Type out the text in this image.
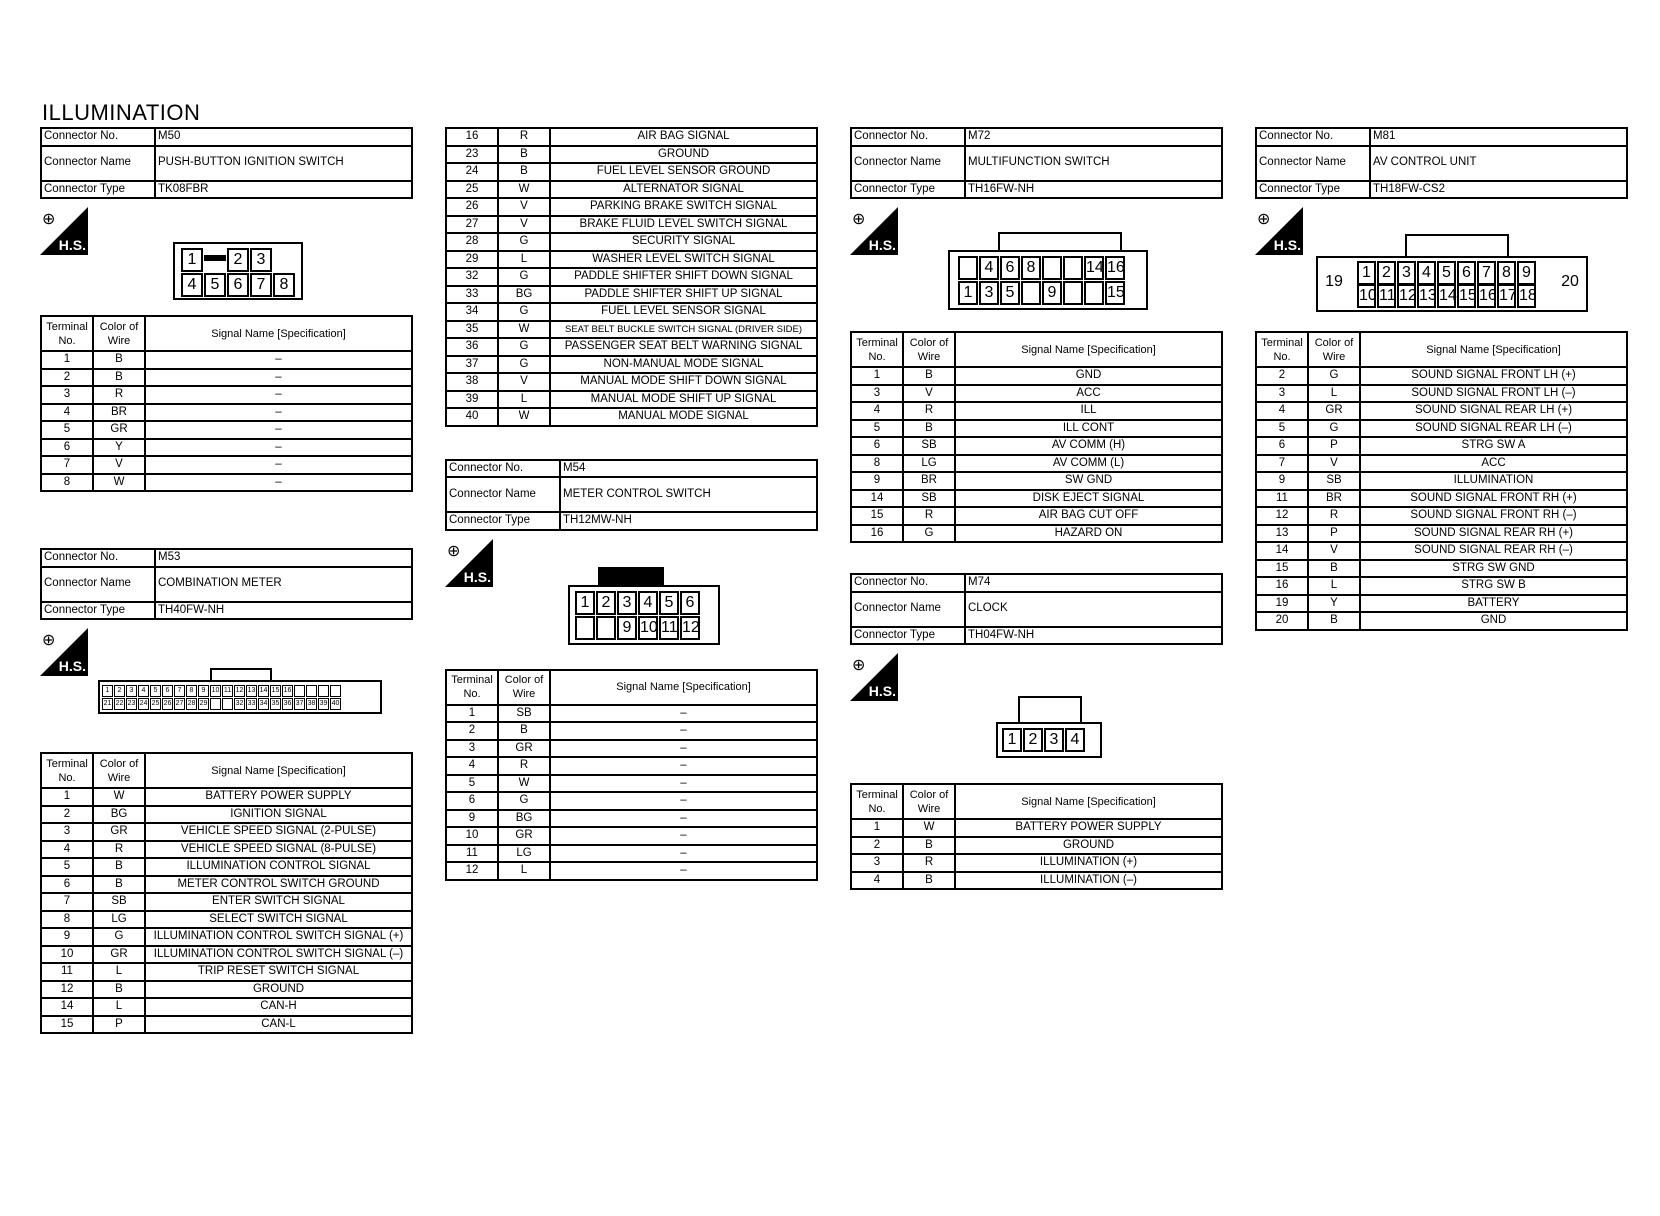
ILLUMINATION
Connector No.	M50
Connector Name	PUSH-BUTTON IGNITION SWITCH
Connector Type	TK08FBR
⊕
H.S.
Terminal No.	Color of Wire	Signal Name [Specification]
1	B	–
2	B	–
3	R	–
4	BR	–
5	GR	–
6	Y	–
7	V	–
8	W	–
1	2 3
4 5 6 7 8
Connector No.	M53
Connector Name	COMBINATION METER
Connector Type	TH40FW-NH
⊕
H.S.
Terminal No.	Color of Wire	Signal Name [Specification]
1	W	BATTERY POWER SUPPLY
2	BG	IGNITION SIGNAL
3	GR	VEHICLE SPEED SIGNAL (2-PULSE)
4	R	VEHICLE SPEED SIGNAL (8-PULSE)
5	B	ILLUMINATION CONTROL SIGNAL
6	B	METER CONTROL SWITCH GROUND
7	SB	ENTER SWITCH SIGNAL
8	LG	SELECT SWITCH SIGNAL
9	G	ILLUMINATION CONTROL SWITCH SIGNAL (+)
10	GR	ILLUMINATION CONTROL SWITCH SIGNAL (–)
11	L	TRIP RESET SWITCH SIGNAL
12	B	GROUND
14	L	CAN-H
15	P	CAN-L
1	2	3	4	5	6	7	8	9 10 11 12 13 14 15 16
21 22 23 24 25 26 27 28 29	32 33 34 35 36 37 38 39 40
16	R	AIR BAG SIGNAL
23	B	GROUND
24	B	FUEL LEVEL SENSOR GROUND
25	W	ALTERNATOR SIGNAL
26	V	PARKING BRAKE SWITCH SIGNAL
27	V	BRAKE FLUID LEVEL SWITCH SIGNAL
28	G	SECURITY SIGNAL
29	L	WASHER LEVEL SWITCH SIGNAL
32	G	PADDLE SHIFTER SHIFT DOWN SIGNAL
33	BG	PADDLE SHIFTER SHIFT UP SIGNAL
34	G	FUEL LEVEL SENSOR SIGNAL
35	W	SEAT BELT BUCKLE SWITCH SIGNAL (DRIVER SIDE)
36	G	PASSENGER SEAT BELT WARNING SIGNAL
37	G	NON-MANUAL MODE SIGNAL
38	V	MANUAL MODE SHIFT DOWN SIGNAL
39	L	MANUAL MODE SHIFT UP SIGNAL
40	W	MANUAL MODE SIGNAL
Connector No.	M54
Connector Name	METER CONTROL SWITCH
Connector Type	TH12MW-NH
⊕
H.S.
Terminal No.	Color of Wire	Signal Name [Specification]
1	SB	–
2	B	–
3	GR	–
4	R	–
5	W	–
6	G	–
9	BG	–
10	GR	–
11	LG	–
12	L	–
1 2 3 4 5 6
9 10 11 12
Connector No.	M72
Connector Name	MULTIFUNCTION SWITCH
Connector Type	TH16FW-NH
⊕
H.S.
Terminal No.	Color of Wire	Signal Name [Specification]
1	B	GND
3	V	ACC
4	R	ILL
5	B	ILL CONT
6	SB	AV COMM (H)
8	LG	AV COMM (L)
9	BR	SW GND
14	SB	DISK EJECT SIGNAL
15	R	AIR BAG CUT OFF
16	G	HAZARD ON
Connector No.	M74
Connector Name	CLOCK
Connector Type	TH04FW-NH
⊕
H.S.
Terminal No.	Color of Wire	Signal Name [Specification]
1	W	BATTERY POWER SUPPLY
2	B	GROUND
3	R	ILLUMINATION (+)
4	B	ILLUMINATION (–)
4 6 8	14 16
1 3 5	9	15
1 2 3 4
Connector No.	M81
Connector Name	AV CONTROL UNIT
Connector Type	TH18FW-CS2
⊕
H.S.
Terminal No.	Color of Wire	Signal Name [Specification]
2	G	SOUND SIGNAL FRONT LH (+)
3	L	SOUND SIGNAL FRONT LH (–)
4	GR	SOUND SIGNAL REAR LH (+)
5	G	SOUND SIGNAL REAR LH (–)
6	P	STRG SW A
7	V	ACC
9	SB	ILLUMINATION
11	BR	SOUND SIGNAL FRONT RH (+)
12	R	SOUND SIGNAL FRONT RH (–)
13	P	SOUND SIGNAL REAR RH (+)
14	V	SOUND SIGNAL REAR RH (–)
15	B	STRG SW GND
16	L	STRG SW B
19	Y	BATTERY
20	B	GND
19
1 2 3 4 5 6 7 8 9
10 11 12 13 14 15 16 17 18
20
